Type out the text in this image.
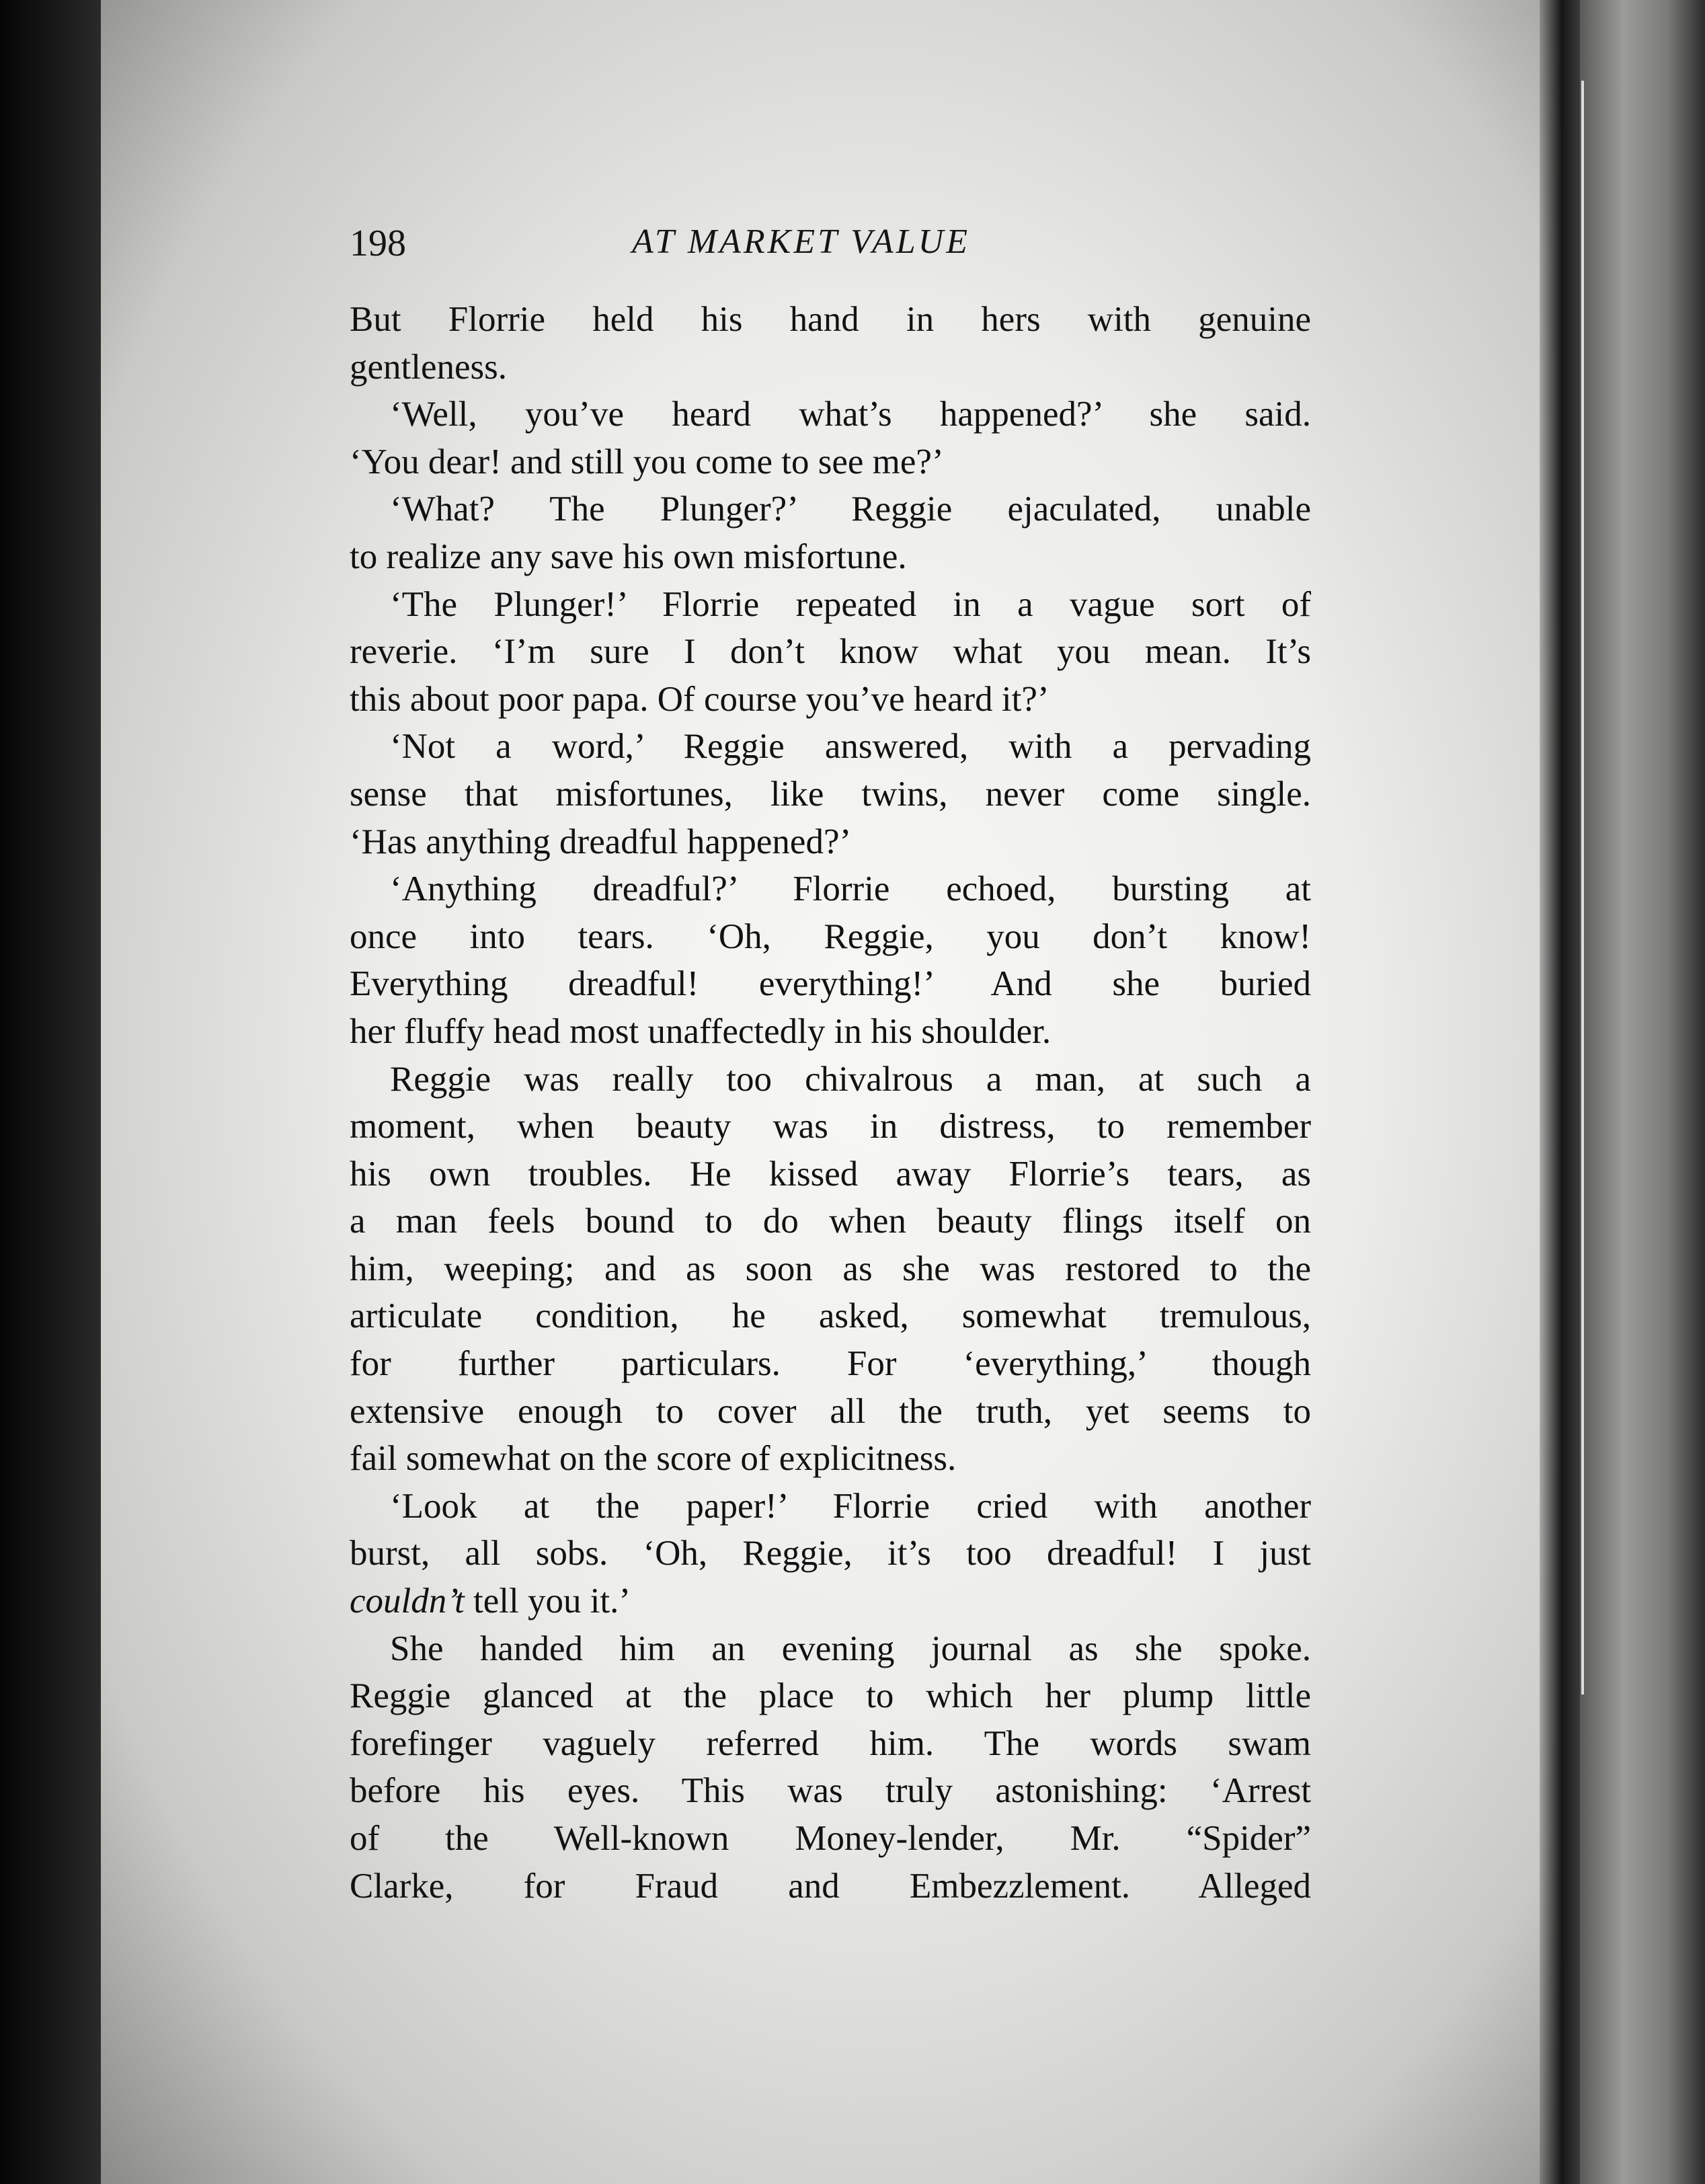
198	AT MARKET VALUE
But Florrie held his hand in hers with genuine
gentleness.
‘Well, you’ve heard what’s happened?’ she said.
‘You dear! and still you come to see me?’
‘What? The Plunger?’ Reggie ejaculated, unable
to realize any save his own misfortune.
‘The Plunger!’ Florrie repeated in a vague sort of
reverie. ‘I’m sure I don’t know what you mean. It’s
this about poor papa. Of course you’ve heard it?’
‘Not a word,’ Reggie answered, with a pervading
sense that misfortunes, like twins, never come single.
‘Has anything dreadful happened?’
‘Anything dreadful?’ Florrie echoed, bursting at
once into tears. ‘Oh, Reggie, you don’t know!
Everything dreadful! everything!’ And she buried
her fluffy head most unaffectedly in his shoulder.
Reggie was really too chivalrous a man, at such a
moment, when beauty was in distress, to remember
his own troubles. He kissed away Florrie’s tears, as
a man feels bound to do when beauty flings itself on
him, weeping; and as soon as she was restored to the
articulate condition, he asked, somewhat tremulous,
for further particulars. For ‘everything,’ though
extensive enough to cover all the truth, yet seems to
fail somewhat on the score of explicitness.
‘Look at the paper!’ Florrie cried with another
burst, all sobs. ‘Oh, Reggie, it’s too dreadful! I just
couldn’t tell you it.’
She handed him an evening journal as she spoke.
Reggie glanced at the place to which her plump little
forefinger vaguely referred him. The words swam
before his eyes. This was truly astonishing: ‘Arrest
of the Well-known Money-lender, Mr. “Spider”
Clarke, for Fraud and Embezzlement. Alleged
